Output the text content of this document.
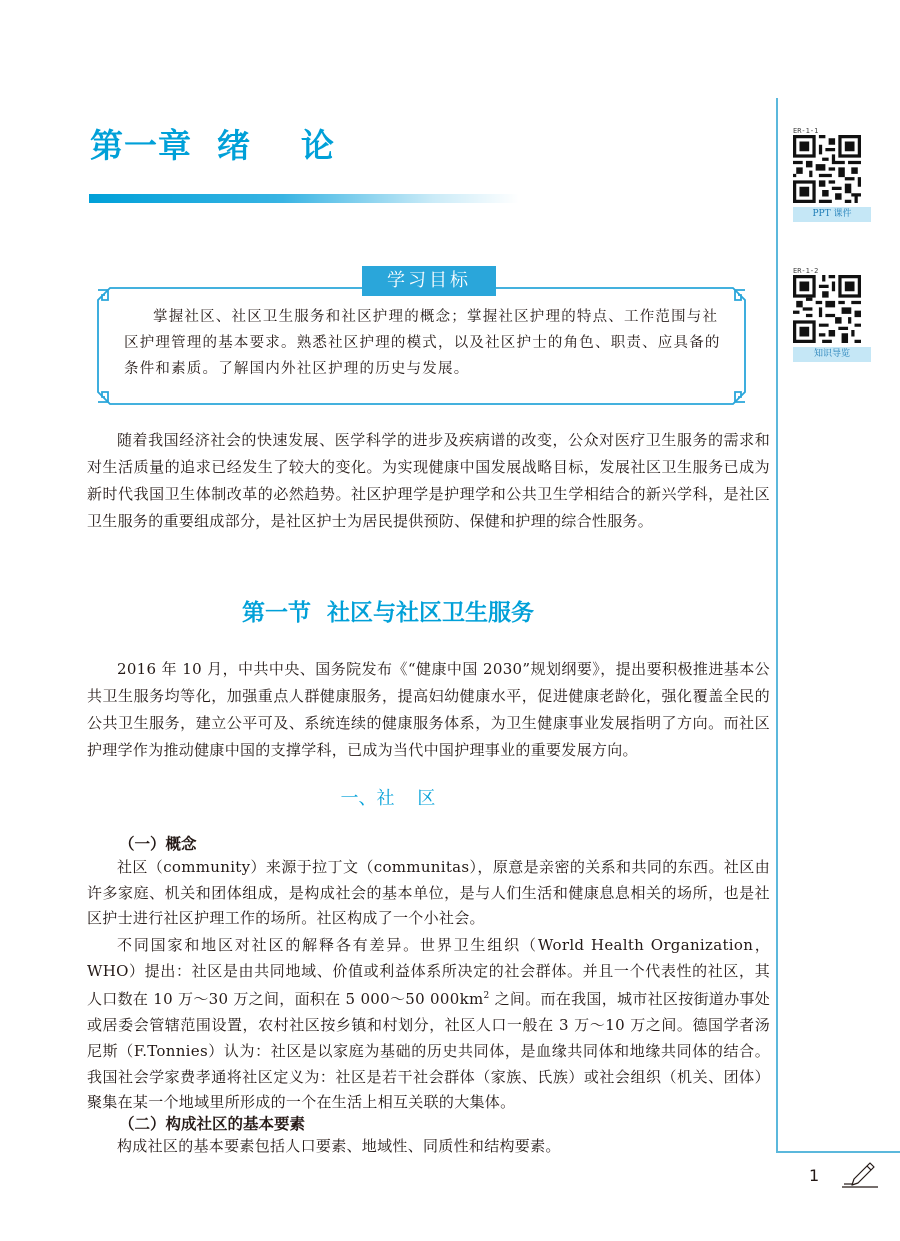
第一章  绪    论
学习目标
掌握社区、社区卫生服务和社区护理的概念；掌握社区护理的特点、工作范围与社区护理管理的基本要求。熟悉社区护理的模式，以及社区护士的角色、职责、应具备的条件和素质。了解国内外社区护理的历史与发展。
随着我国经济社会的快速发展、医学科学的进步及疾病谱的改变，公众对医疗卫生服务的需求和对生活质量的追求已经发生了较大的变化。为实现健康中国发展战略目标，发展社区卫生服务已成为新时代我国卫生体制改革的必然趋势。社区护理学是护理学和公共卫生学相结合的新兴学科，是社区卫生服务的重要组成部分，是社区护士为居民提供预防、保健和护理的综合性服务。
第一节  社区与社区卫生服务
2016 年 10 月，中共中央、国务院发布《“健康中国 2030”规划纲要》，提出要积极推进基本公共卫生服务均等化，加强重点人群健康服务，提高妇幼健康水平，促进健康老龄化，强化覆盖全民的公共卫生服务，建立公平可及、系统连续的健康服务体系，为卫生健康事业发展指明了方向。而社区护理学作为推动健康中国的支撑学科，已成为当代中国护理事业的重要发展方向。
一、社    区
（一）概念
社区（community）来源于拉丁文（communitas），原意是亲密的关系和共同的东西。社区由许多家庭、机关和团体组成，是构成社会的基本单位，是与人们生活和健康息息相关的场所，也是社区护士进行社区护理工作的场所。社区构成了一个小社会。
不同国家和地区对社区的解释各有差异。世界卫生组织（World Health Organization，WHO）提出：社区是由共同地域、价值或利益体系所决定的社会群体。并且一个代表性的社区，其人口数在 10 万～30 万之间，面积在 5 000～50 $000km^2$ 之间。而在我国，城市社区按街道办事处或居委会管辖范围设置，农村社区按乡镇和村划分，社区人口一般在 3 万～10 万之间。德国学者汤尼斯（F.Tonnies）认为：社区是以家庭为基础的历史共同体，是血缘共同体和地缘共同体的结合。我国社会学家费孝通将社区定义为：社区是若干社会群体（家族、氏族）或社会组织（机关、团体）聚集在某一个地域里所形成的一个在生活上相互关联的大集体。
（二）构成社区的基本要素
构成社区的基本要素包括人口要素、地域性、同质性和结构要素。
ER-1-1
PPT 课件
ER-1-2
知识导览
1
